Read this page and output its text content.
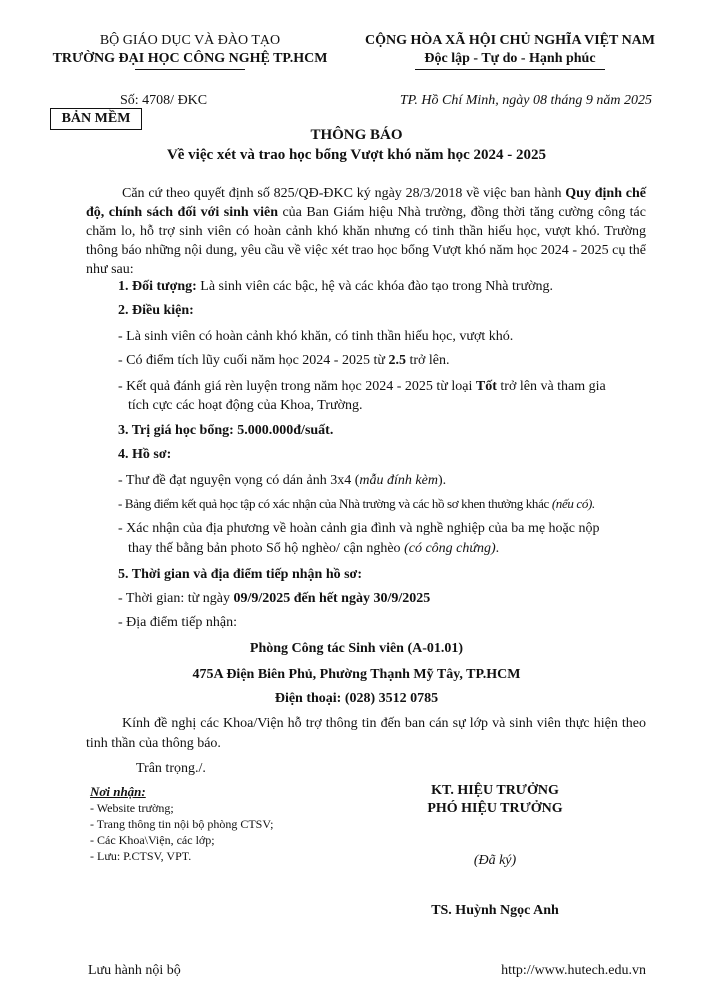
BỘ GIÁO DỤC VÀ ĐÀO TẠO
TRƯỜNG ĐẠI HỌC CÔNG NGHỆ TP.HCM
CỘNG HÒA XÃ HỘI CHỦ NGHĨA VIỆT NAM
Độc lập - Tự do - Hạnh phúc
Số: 4708/ ĐKC
BẢN MỀM
TP. Hồ Chí Minh, ngày 08 tháng 9 năm 2025
THÔNG BÁO
Về việc xét và trao học bổng Vượt khó năm học 2024 - 2025
Căn cứ theo quyết định số 825/QĐ-ĐKC ký ngày 28/3/2018 về việc ban hành Quy định chế độ, chính sách đối với sinh viên của Ban Giám hiệu Nhà trường, đồng thời tăng cường công tác chăm lo, hỗ trợ sinh viên có hoàn cảnh khó khăn nhưng có tinh thần hiếu học, vượt khó. Trường thông báo những nội dung, yêu cầu về việc xét trao học bổng Vượt khó năm học 2024 - 2025 cụ thể như sau:
1. Đối tượng: Là sinh viên các bậc, hệ và các khóa đào tạo trong Nhà trường.
2. Điều kiện:
- Là sinh viên có hoàn cảnh khó khăn, có tinh thần hiếu học, vượt khó.
- Có điểm tích lũy cuối năm học 2024 - 2025 từ 2.5 trở lên.
- Kết quả đánh giá rèn luyện trong năm học 2024 - 2025 từ loại Tốt trở lên và tham gia
tích cực các hoạt động của Khoa, Trường.
3. Trị giá học bổng: 5.000.000đ/suất.
4. Hồ sơ:
- Thư đề đạt nguyện vọng có dán ảnh 3x4 (mẫu đính kèm).
- Bảng điểm kết quả học tập có xác nhận của Nhà trường và các hồ sơ khen thưởng khác (nếu có).
- Xác nhận của địa phương về hoàn cảnh gia đình và nghề nghiệp của ba mẹ hoặc nộp
thay thế bằng bản photo Sổ hộ nghèo/ cận nghèo (có công chứng).
5. Thời gian và địa điểm tiếp nhận hồ sơ:
- Thời gian: từ ngày 09/9/2025 đến hết ngày 30/9/2025
- Địa điểm tiếp nhận:
Phòng Công tác Sinh viên (A-01.01)
475A Điện Biên Phủ, Phường Thạnh Mỹ Tây, TP.HCM
Điện thoại: (028) 3512 0785
Kính đề nghị các Khoa/Viện hỗ trợ thông tin đến ban cán sự lớp và sinh viên thực hiện theo tinh thần của thông báo.
Trân trọng./.
Nơi nhận:
- Website trường;
- Trang thông tin nội bộ phòng CTSV;
- Các Khoa\Viện, các lớp;
- Lưu: P.CTSV, VPT.
KT. HIỆU TRƯỞNG
PHÓ HIỆU TRƯỞNG
(Đã ký)
TS. Huỳnh Ngọc Anh
Lưu hành nội bộ	http://www.hutech.edu.vn
